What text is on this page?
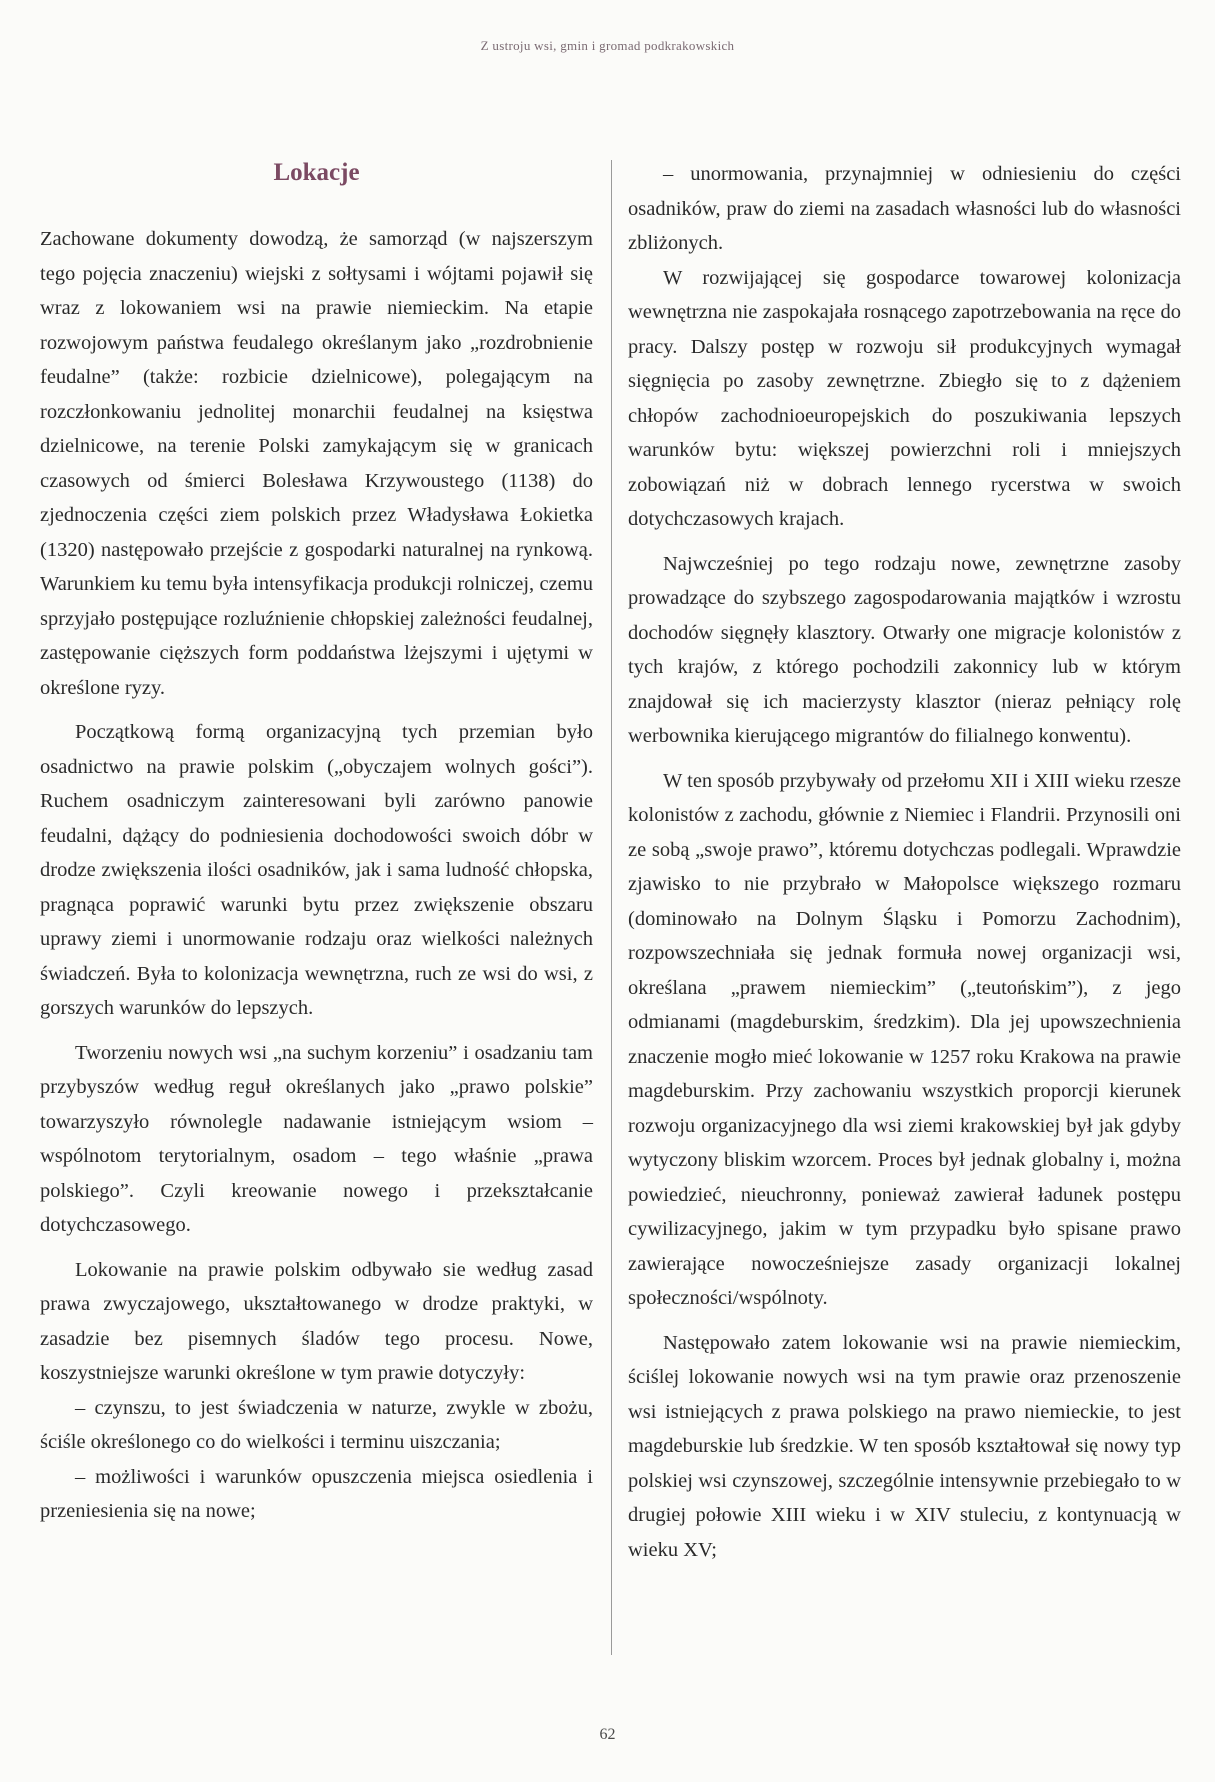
Z ustroju wsi, gmin i gromad podkrakowskich
Lokacje

Zachowane dokumenty dowodzą, że samorząd (w najszerszym tego pojęcia znaczeniu) wiejski z sołtysami i wójtami pojawił się wraz z lokowaniem wsi na prawie niemieckim. Na etapie rozwojowym państwa feudalego określanym jako „rozdrobnienie feudalne” (także: rozbicie dzielnicowe), polegającym na rozczłonkowaniu jednolitej monarchii feudalnej na księstwa dzielnicowe, na terenie Polski zamykającym się w granicach czasowych od śmierci Bolesława Krzywoustego (1138) do zjednoczenia części ziem polskich przez Władysława Łokietka (1320) następowało przejście z gospodarki naturalnej na rynkową. Warunkiem ku temu była intensyfikacja produkcji rolniczej, czemu sprzyjało postępujące rozluźnienie chłopskiej zależności feudalnej, zastępowanie cięższych form poddaństwa lżejszymi i ujętymi w określone ryzy.

Początkową formą organizacyjną tych przemian było osadnictwo na prawie polskim („obyczajem wolnych gości”). Ruchem osadniczym zainteresowani byli zarówno panowie feudalni, dążący do podniesienia dochodowości swoich dóbr w drodze zwiększenia ilości osadników, jak i sama ludność chłopska, pragnąca poprawić warunki bytu przez zwiększenie obszaru uprawy ziemi i unormowanie rodzaju oraz wielkości należnych świadczeń. Była to kolonizacja wewnętrzna, ruch ze wsi do wsi, z gorszych warunków do lepszych.

Tworzeniu nowych wsi „na suchym korzeniu” i osadzaniu tam przybyszów według reguł określanych jako „prawo polskie” towarzyszyło równolegle nadawanie istniejącym wsiom – wspólnotom terytorialnym, osadom – tego właśnie „prawa polskiego”. Czyli kreowanie nowego i przekształcanie dotychczasowego.

Lokowanie na prawie polskim odbywało sie według zasad prawa zwyczajowego, ukształtowanego w drodze praktyki, w zasadzie bez pisemnych śladów tego procesu. Nowe, koszystniejsze warunki określone w tym prawie dotyczyły:

– czynszu, to jest świadczenia w naturze, zwykle w zbożu, ściśle określonego co do wielkości i terminu uiszczania;

– możliwości i warunków opuszczenia miejsca osiedlenia i przeniesienia się na nowe;

– unormowania, przynajmniej w odniesieniu do części osadników, praw do ziemi na zasadach własności lub do własności zbliżonych.

W rozwijającej się gospodarce towarowej kolonizacja wewnętrzna nie zaspokajała rosnącego zapotrzebowania na ręce do pracy. Dalszy postęp w rozwoju sił produkcyjnych wymagał sięgnięcia po zasoby zewnętrzne. Zbiegło się to z dążeniem chłopów zachodnioeuropejskich do poszukiwania lepszych warunków bytu: większej powierzchni roli i mniejszych zobowiązań niż w dobrach lennego rycerstwa w swoich dotychczasowych krajach.

Najwcześniej po tego rodzaju nowe, zewnętrzne zasoby prowadzące do szybszego zagospodarowania majątków i wzrostu dochodów sięgnęły klasztory. Otwarły one migracje kolonistów z tych krajów, z którego pochodzili zakonnicy lub w którym znajdował się ich macierzysty klasztor (nieraz pełniący rolę werbownika kierującego migrantów do filialnego konwentu).

W ten sposób przybywały od przełomu XII i XIII wieku rzesze kolonistów z zachodu, głównie z Niemiec i Flandrii. Przynosili oni ze sobą „swoje prawo”, któremu dotychczas podlegali. Wprawdzie zjawisko to nie przybrało w Małopolsce większego rozmaru (dominowało na Dolnym Śląsku i Pomorzu Zachodnim), rozpowszechniała się jednak formuła nowej organizacji wsi, określana „prawem niemieckim” („teutońskim”), z jego odmianami (magdeburskim, średzkim). Dla jej upowszechnienia znaczenie mogło mieć lokowanie w 1257 roku Krakowa na prawie magdeburskim. Przy zachowaniu wszystkich proporcji kierunek rozwoju organizacyjnego dla wsi ziemi krakowskiej był jak gdyby wytyczony bliskim wzorcem. Proces był jednak globalny i, można powiedzieć, nieuchronny, ponieważ zawierał ładunek postępu cywilizacyjnego, jakim w tym przypadku było spisane prawo zawierające nowocześniejsze zasady organizacji lokalnej społeczności/wspólnoty.

Następowało zatem lokowanie wsi na prawie niemieckim, ściślej lokowanie nowych wsi na tym prawie oraz przenoszenie wsi istniejących z prawa polskiego na prawo niemieckie, to jest magdeburskie lub średzkie. W ten sposób kształtował się nowy typ polskiej wsi czynszowej, szczególnie intensywnie przebiegało to w drugiej połowie XIII wieku i w XIV stuleciu, z kontynuacją w wieku XV;

62
